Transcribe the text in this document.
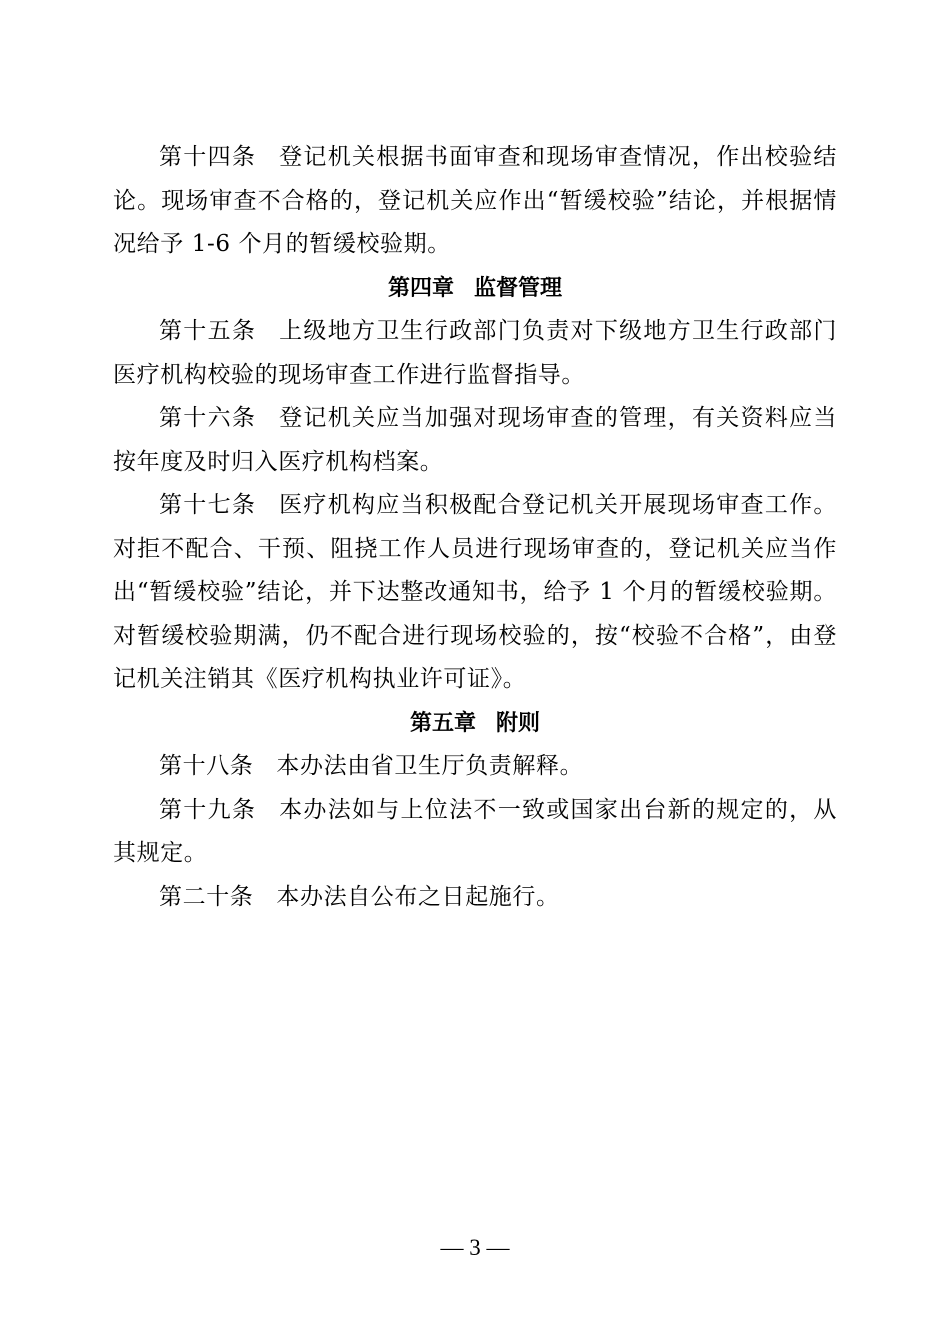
第十四条 登记机关根据书面审查和现场审查情况，作出校验结论。现场审查不合格的，登记机关应作出“暂缓校验”结论，并根据情况给予 1-6 个月的暂缓校验期。

第四章 监督管理

第十五条 上级地方卫生行政部门负责对下级地方卫生行政部门医疗机构校验的现场审查工作进行监督指导。

第十六条 登记机关应当加强对现场审查的管理，有关资料应当按年度及时归入医疗机构档案。

第十七条 医疗机构应当积极配合登记机关开展现场审查工作。对拒不配合、干预、阻挠工作人员进行现场审查的，登记机关应当作出“暂缓校验”结论，并下达整改通知书，给予 1 个月的暂缓校验期。对暂缓校验期满，仍不配合进行现场校验的，按“校验不合格”，由登记机关注销其《医疗机构执业许可证》。

第五章 附则

第十八条 本办法由省卫生厅负责解释。

第十九条 本办法如与上位法不一致或国家出台新的规定的，从其规定。

第二十条 本办法自公布之日起施行。

— 3 —
